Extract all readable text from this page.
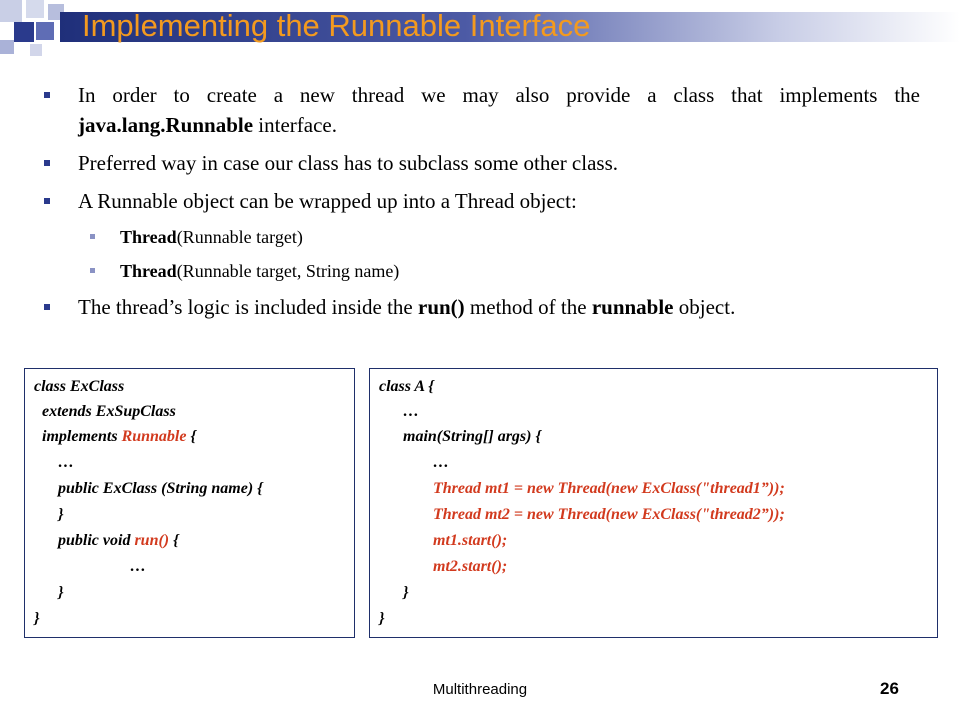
Implementing the Runnable Interface
In order to create a new thread we may also provide a class that implements the java.lang.Runnable interface.
Preferred way in case our class has to subclass some other class.
A Runnable object can be wrapped up into a Thread object:
Thread(Runnable target)
Thread(Runnable target, String name)
The thread’s logic is included inside the run() method of the runnable object.
class ExClass
extends ExSupClass
implements Runnable {
…
public ExClass (String name) {
}
public void run() {
…
}
}
class A {
…
main(String[] args) {
…
Thread mt1 = new Thread(new ExClass("thread1”));
Thread mt2 = new Thread(new ExClass("thread2”));
mt1.start();
mt2.start();
}
}
Multithreading	26
